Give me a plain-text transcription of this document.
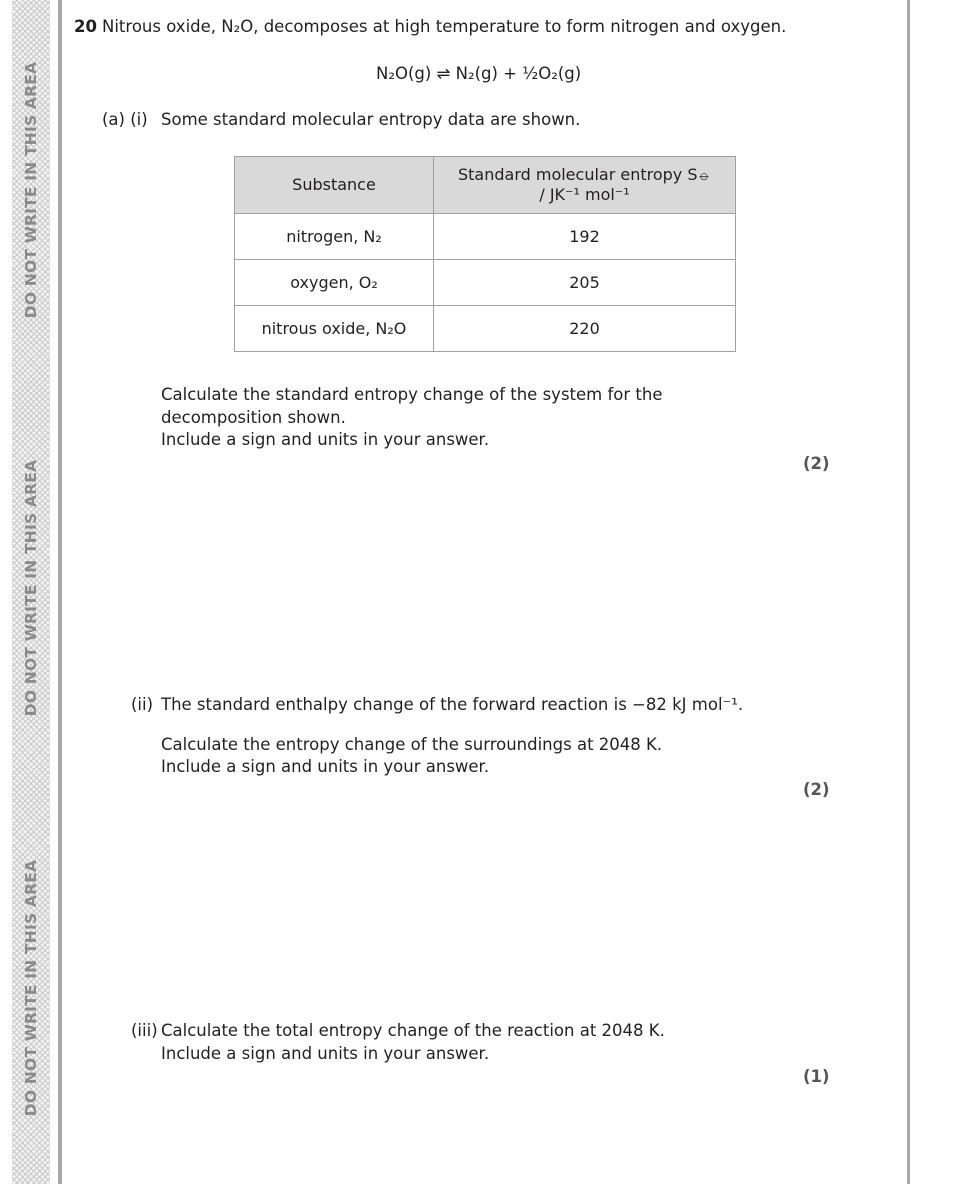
DO NOT WRITE IN THIS AREA
DO NOT WRITE IN THIS AREA
DO NOT WRITE IN THIS AREA
20 Nitrous oxide, N₂O, decomposes at high temperature to form nitrogen and oxygen.
N₂O(g) ⇌ N₂(g) + ½O₂(g)
(a) (i) Some standard molecular entropy data are shown.
Substance	Standard molecular entropy S⦵
/ JK⁻¹ mol⁻¹
nitrogen, N₂	192
oxygen, O₂	205
nitrous oxide, N₂O	220
Calculate the standard entropy change of the system for the
decomposition shown.
Include a sign and units in your answer.
(2)
(ii) The standard enthalpy change of the forward reaction is −82 kJ mol⁻¹.
Calculate the entropy change of the surroundings at 2048 K.
Include a sign and units in your answer.
(2)
(iii) Calculate the total entropy change of the reaction at 2048 K.
Include a sign and units in your answer.
(1)
